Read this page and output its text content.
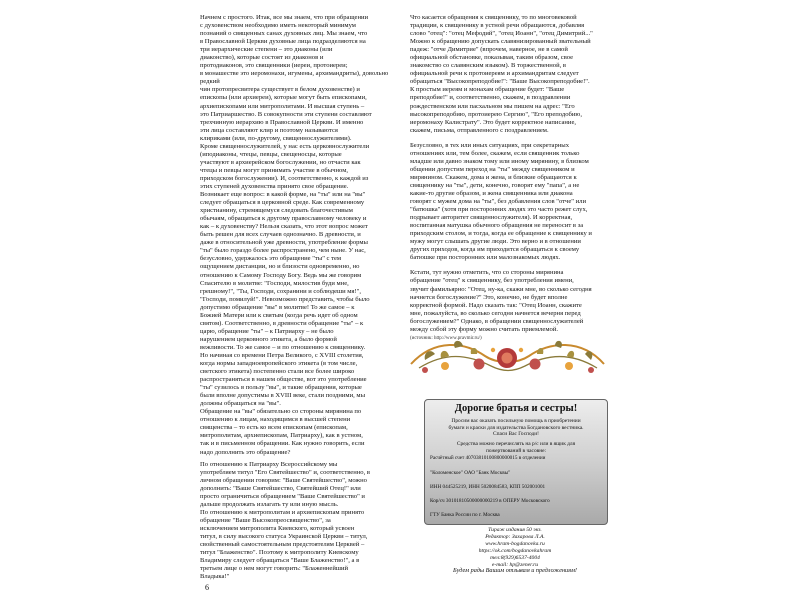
Начнем с простого. Итак, все мы знаем, что при обращении
с духовенством необходимо иметь некоторый минимум
познаний о священных санах духовных лиц. Мы знаем, что
в Православной Церкви духовные лица подразделяются на
три иерархические степени – это диаконы (или
диаконство), которые состоят из диаконов и
протодиаконов, это священники (иереи, протоиереи;
в монашестве это иеромонахи, игумены, архимандриты), довольно редкий
чин протопресвитера существует в белом духовенстве) и
епископы (или архиереи), которые могут быть епископами,
архиепископами или митрополитами. И высшая ступень –
это Патриаршество. В совокупности эти ступени составляют
трехчинную иерархию в Православной Церкви. И именно
эти лица составляют клир и поэтому называются
клириками (или, по-другому, священнослужителями).
Кроме священнослужителей, у нас есть церковнослужители
(иподиаконы, чтецы, певцы, свещеносцы, которые
участвуют в архиерейском богослужении, но отчасти как
чтецы и певцы могут принимать участие в обычном,
приходском богослужении). И, соответственно, к каждой из
этих ступеней духовенства принято свое обращение.
Возникает еще вопрос: в какой форме, на "ты" или на "вы"
следует обращаться в церковной среде. Как современному
христианину, стремящемуся следовать благочестивым
обычаям, обращаться к другому православному человеку и
как – к духовенству? Нельзя сказать, что этот вопрос может
быть решен для всех случаев однозначно. В древности, и
даже в относительной уже древности, употребление формы
"ты" было гораздо более распространено, чем ныне. У нас,
безусловно, удержалось это обращение "ты" с тем
ощущением дистанции, но и близости одновременно, но
отношению к Самому Господу Богу. Ведь мы же говорим
Спасителю в молитве: "Господи, милостив буди мне,
грешному!", "Ты, Господи, сохранини и соблюдеши мя!",
"Господи, помилуй!". Невозможно представить, чтобы было
допустимо обращение "вы" в молитве! То же самое – к
Божией Матери или к святым (когда речь идет об одном
святом). Соответственно, в древности обращение "ты" – к
царю, обращение "ты" – к Патриарху – не было
нарушением церковного этикета, а было формой
вежливости. То же самое – и по отношению к священнику.
Но начиная со времени Петра Великого, с XVIII столетия,
когда нормы западноевропейского этикета (в том числе,
светского этикета) постепенно стали все более широко
распространяться в нашем обществе, вот это употребление
"ты" сузилось в пользу "вы", и такие обращения, которые
были вполне допустимы в XVIII веке, стали поздними, мы
должны обращаться на "вы".
Обращение на "вы" обязательно со стороны мирянина по
отношению к лицам, находящимся в высшей степени
священства – то есть ко всем епископам (епископам,
митрополитам, архиепископам, Патриарху), как в устном,
так и в письменном обращении. Как нужно говорить, если
надо дополнить это обращение?

По отношению к Патриарху Всероссийскому мы
употребляем титул "Его Святейшество" и, соответственно, в
личном обращении говорим: "Ваше Святейшество", можно
дополнить: "Ваше Святейшество, Святейший Отец!" или
просто ограничиться обращением "Ваше Святейшество" и
дальше продолжать излагать ту или иную мысль.
По отношению к митрополитам и архиепископам принято
обращение "Ваше Высокопреосвященство", за
исключением митрополита Киевского, который усвоен
титул, в силу высокого статуса Украинской Церкви – титул,
свойственный самостоятельным предстоятелям Церквей –
титул "Блаженство". Поэтому к митрополиту Киевскому
Владимиру следует обращаться "Ваше Блаженство!", а в
третьем лице о нем могут говорить: "Блаженнейший
Владыка!"

Что касается обращения к священнику, то по многовековой
традиции, к священнику в устной речи обращаются, добавляя
слово "отец": "отец Мефодий", "отец Иоанн", "отец Димитрий..."
Можно к обращению допускать славянизированный звательный
падеж: "отче Димитрие" (впрочем, наверное, не в самой
официальной обстановке, показывая, таким образом, свое
знакомство со славянским языком). В торжественной, в
официальной речи к протоиереям и архимандритам следует
обращаться "Высокопреподобие!": "Ваше Высокопреподобие!".
К простым иереям и монахам обращение будет: "Ваше
преподобие!" и, соответственно, скажем, в поздравлении
рождественском или пасхальном мы пишем на адрес: "Его
высокопреподобию, протоиерею Сергию", "Его преподобию,
иеромонаху Калистрату". Это будет корректное написание,
скажем, письма, отправленного с поздравлением.

Безусловно, в тех или иных ситуациях, при секретарных
отношениях или, тем более, скажем, если священник только
младше или давно знаком тому или иному мирянину, в близком
общении допустим переход на "ты" между священником и
мирянином. Скажем, дома и жена, и близкие обращаются к
священнику на "ты", дети, конечно, говорят ему "папа", а не
какие-то другие образом, и жена священника или диакона
говорят с мужем дома на "ты", без добавления слов "отче" или
"батюшка" (хотя при посторонних людях это часто режет слух,
подрывает авторитет священнослужителя). И корректная,
воспитанная матушка обычного обращения не переносит в за
приходским столом, и тогда, когда ее обращение к священнику и
мужу могут слышать другие люди. Это верно и в отношении
других приходов, когда им приходится обращаться к своему
батюшке при посторонних или малознакомых людях.

Кстати, тут нужно отметить, что со стороны мирянина
обращение "отец" к священнику, без употребления имени,
звучит фамильярно: "Отец, ну-ка, скажи мне, во сколько сегодня
начнется богослужение?" Это, конечно, не будет вполне
корректной формой. Надо сказать так: "Отец Иоанн, скажите
мне, пожалуйста, во сколько сегодня начнется вечерня перед
богослужением?" Однако, в обращении священнослужителей
между собой эту форму можно считать приемлемой.

(источник: http://www.pravmir.ru/)
Дорогие братья и сестры!
Просим вас оказать посильную помощь в приобретении
бумаги и краски для издательства Богдановского вестника.
Спаси Вас Господи!
Средства можно перечислять на р/с или в ящик для
пожертвований в часовне:
Расчётный счет 40703810100800000015 в отделении
"Коломенское" ОАО "Банк Москвы"
ИНН 044525219, ИНН 5020084583, КПП 502001001
Кор/сч 30101810500000000219 в ОПЕРУ Московского
ГТУ Банка России по г. Москва
Тираж издания 50 экз.
Редактор: Захарова Л.А.
www.hram-bogdanovka.ru
https://ok.com/bogdanovkahram
тел:8(929)6537-4004
e-mail: hp@zener.ru
Будем рады Вашим отзывам и предложениям!
6
